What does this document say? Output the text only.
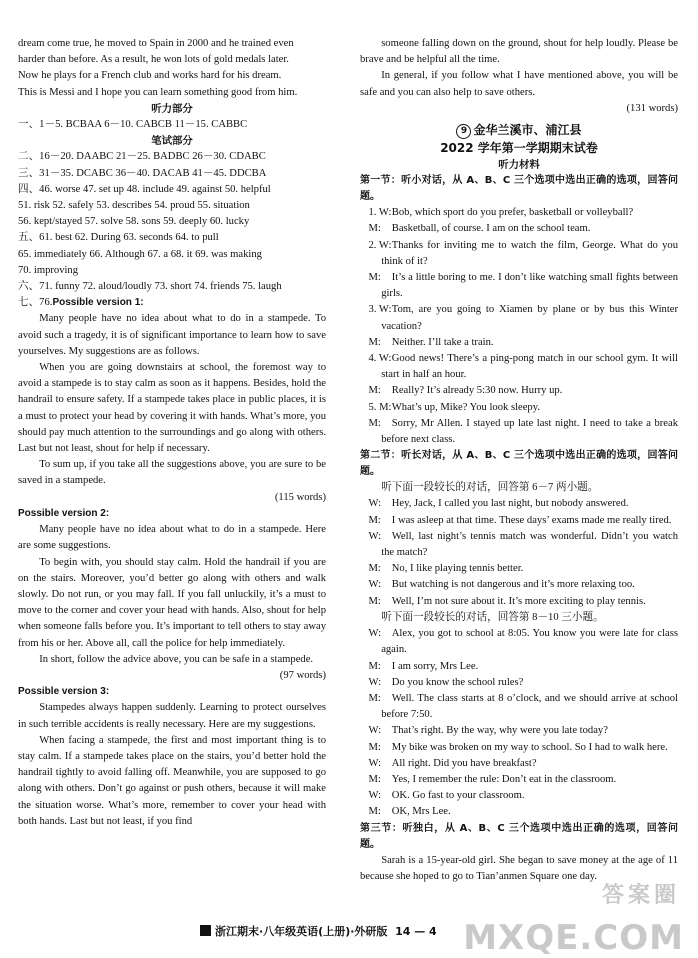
dream come true, he moved to Spain in 2000 and he trained even

harder than before. As a result, he won lots of gold medals later.

Now he plays for a French club and works hard for his dream.

This is Messi and I hope you can learn something good from him.

听力部分

一、1－5. BCBAA 6－10. CABCB 11－15. CABBC

笔试部分

二、16－20. DAABC 21－25. BADBC 26－30. CDABC

三、31－35. DCABC 36－40. DACAB 41－45. DDCBA

四、46. worse 47. set up 48. include 49. against 50. helpful

51. risk 52. safely 53. describes 54. proud 55. situation

56. kept/stayed 57. solve 58. sons 59. deeply 60. lucky

五、61. best 62. During 63. seconds 64. to pull

65. immediately 66. Although 67. a 68. it 69. was making

70. improving

六、71. funny 72. aloud/loudly 73. short 74. friends 75. laugh

七、76.Possible version 1:

Many people have no idea about what to do in a stampede. To avoid such a tragedy, it is of significant importance to learn how to save yourselves. My suggestions are as follows.

When you are going downstairs at school, the foremost way to avoid a stampede is to stay calm as soon as it happens. Besides, hold the handrail to ensure safety. If a stampede takes place in public places, it is a must to protect your head by covering it with hands. What’s more, you should pay much attention to the surroundings and go along with others. Last but not least, shout for help if necessary.

To sum up, if you take all the suggestions above, you are sure to be saved in a stampede.

(115 words)

Possible version 2:

Many people have no idea about what to do in a stampede. Here are some suggestions.

To begin with, you should stay calm. Hold the handrail if you are on the stairs. Moreover, you’d better go along with others and walk slowly. Do not run, or you may fall. If you fall unluckily, it’s a must to move to the corner and cover your head with hands. Also, shout for help when someone falls before you. It’s important to tell others to stay away from his or her. Above all, call the police for help immediately.

In short, follow the advice above, you can be safe in a stampede.

(97 words)

Possible version 3:

Stampedes always happen suddenly. Learning to protect ourselves in such terrible accidents is really necessary. Here are my suggestions.

When facing a stampede, the first and most important thing is to stay calm. If a stampede takes place on the stairs, you’d better hold the handrail tightly to avoid falling off. Meanwhile, you are supposed to go along with others. Don’t go against or push others, because it will make the situation worse. What’s more, remember to cover your head with both hands. Last but not least, if you find

someone falling down on the ground, shout for help loudly. Please be brave and be helpful all the time.

In general, if you follow what I have mentioned above, you will be safe and you can also help to save others.

(131 words)

9 金华兰溪市、浦江县

2022 学年第一学期期末试卷

听力材料

第一节：听小对话，从 A、B、C 三个选项中选出正确的选项，回答问题。

1. W:Bob, which sport do you prefer, basketball or volleyball?

M: Basketball, of course. I am on the school team.

2. W:Thanks for inviting me to watch the film, George. What do you think of it?

M: It’s a little boring to me. I don’t like watching small fights between girls.

3. W:Tom, are you going to Xiamen by plane or by bus this Winter vacation?

M: Neither. I’ll take a train.

4. W:Good news! There’s a ping-pong match in our school gym. It will start in half an hour.

M: Really? It’s already 5:30 now. Hurry up.

5. M:What’s up, Mike? You look sleepy.

M: Sorry, Mr Allen. I stayed up late last night. I need to take a break before next class.

第二节：听长对话，从 A、B、C 三个选项中选出正确的选项，回答问题。

听下面一段较长的对话，回答第 6－7 两小题。

W: Hey, Jack, I called you last night, but nobody answered.

M: I was asleep at that time. These days’ exams made me really tired.

W: Well, last night’s tennis match was wonderful. Didn’t you watch the match?

M: No, I like playing tennis better.

W: But watching is not dangerous and it’s more relaxing too.

M: Well, I’m not sure about it. It’s more exciting to play tennis.

听下面一段较长的对话，回答第 8－10 三小题。

W: Alex, you got to school at 8:05. You know you were late for class again.

M: I am sorry, Mrs Lee.

W: Do you know the school rules?

M: Well. The class starts at 8 o’clock, and we should arrive at school before 7:50.

W: That’s right. By the way, why were you late today?

M: My bike was broken on my way to school. So I had to walk here.

W: All right. Did you have breakfast?

M: Yes, I remember the rule: Don’t eat in the classroom.

W: OK. Go fast to your classroom.

M: OK, Mrs Lee.

第三节：听独白，从 A、B、C 三个选项中选出正确的选项，回答问题。

Sarah is a 15-year-old girl. She began to save money at the age of 11 because she hoped to go to Tian’anmen Square one day.

浙江期末·八年级英语(上册)·外研版 14 — 4
答案圈
MXQE.COM
